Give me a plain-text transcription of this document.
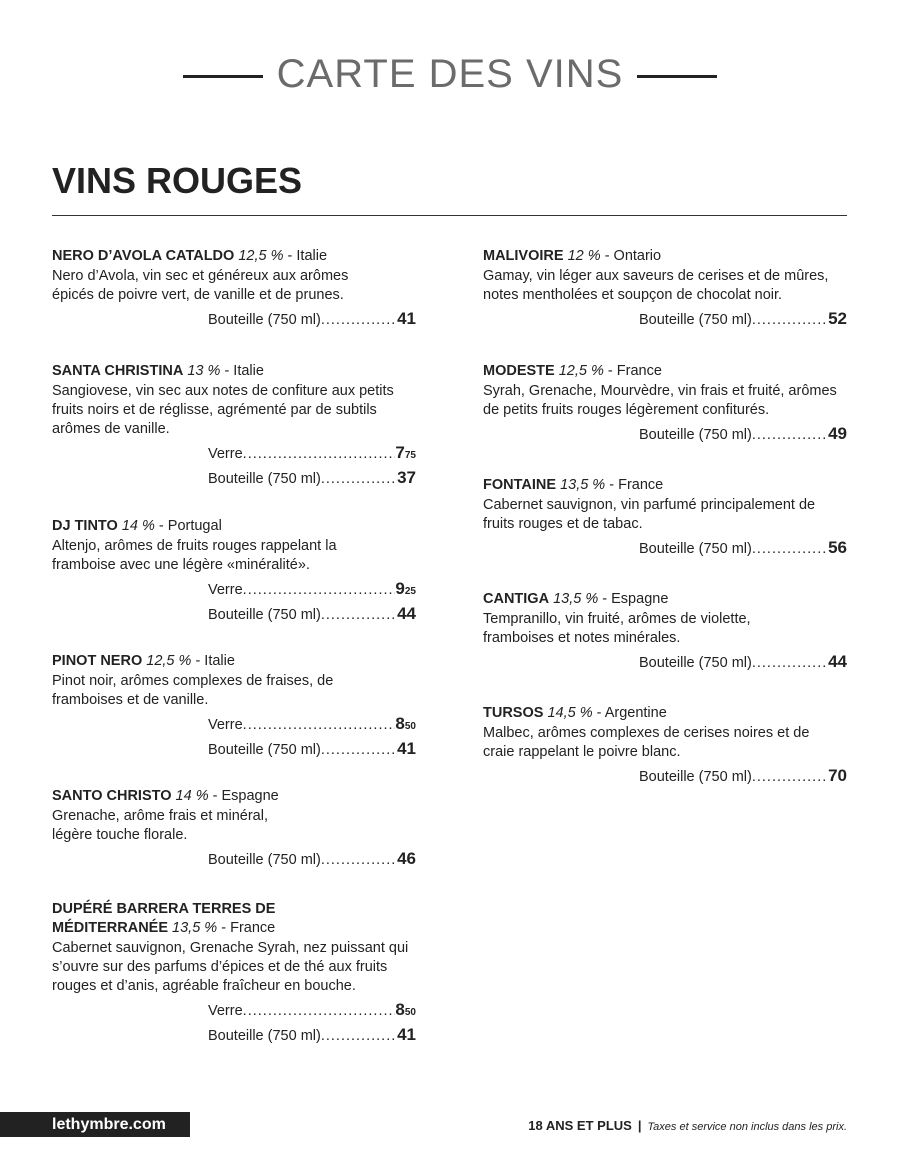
CARTE DES VINS
VINS ROUGES
NERO D’AVOLA CATALDO 12,5 % - Italie
Nero d’Avola, vin sec et généreux aux arômes épicés de poivre vert, de vanille et de prunes.
Bouteille (750 ml) .....	41
SANTA CHRISTINA 13 % - Italie
Sangiovese, vin sec aux notes de confiture aux petits fruits noirs et de réglisse, agrémenté par de subtils arômes de vanille.
Verre .....	$7_{75}$
Bouteille (750 ml) .....	37
DJ TINTO 14 % - Portugal
Altenjo, arômes de fruits rouges rappelant la framboise avec une légère «minéralité».
Verre .....	$9_{25}$
Bouteille (750 ml) .....	44
PINOT NERO 12,5 % - Italie
Pinot noir, arômes complexes de fraises, de framboises et de vanille.
Verre .....	$8_{50}$
Bouteille (750 ml) .....	41
SANTO CHRISTO 14 % - Espagne
Grenache, arôme frais et minéral, légère touche florale.
Bouteille (750 ml) .....	46
DUPÉRÉ BARRERA TERRES DE MÉDITERRANÉE 13,5 % - France
Cabernet sauvignon, Grenache Syrah, nez puissant qui s’ouvre sur des parfums d’épices et de thé aux fruits rouges et d’anis, agréable fraîcheur en bouche.
Verre .....	$8_{50}$
Bouteille (750 ml) .....	41
MALIVOIRE 12 % - Ontario
Gamay, vin léger aux saveurs de cerises et de mûres, notes mentholées et soupçon de chocolat noir.
Bouteille (750 ml) .....	52
MODESTE 12,5 % - France
Syrah, Grenache, Mourvèdre, vin frais et fruité, arômes de petits fruits rouges légèrement confiturés.
Bouteille (750 ml) .....	49
FONTAINE 13,5 % - France
Cabernet sauvignon, vin parfumé principalement de fruits rouges et de tabac.
Bouteille (750 ml) .....	56
CANTIGA 13,5 % - Espagne
Tempranillo, vin fruité, arômes de violette, framboises et notes minérales.
Bouteille (750 ml) .....	44
TURSOS 14,5 % - Argentine
Malbec, arômes complexes de cerises noires et de craie rappelant le poivre blanc.
Bouteille (750 ml) .....	70
lethymbre.com	18 ANS ET PLUS | Taxes et service non inclus dans les prix.
